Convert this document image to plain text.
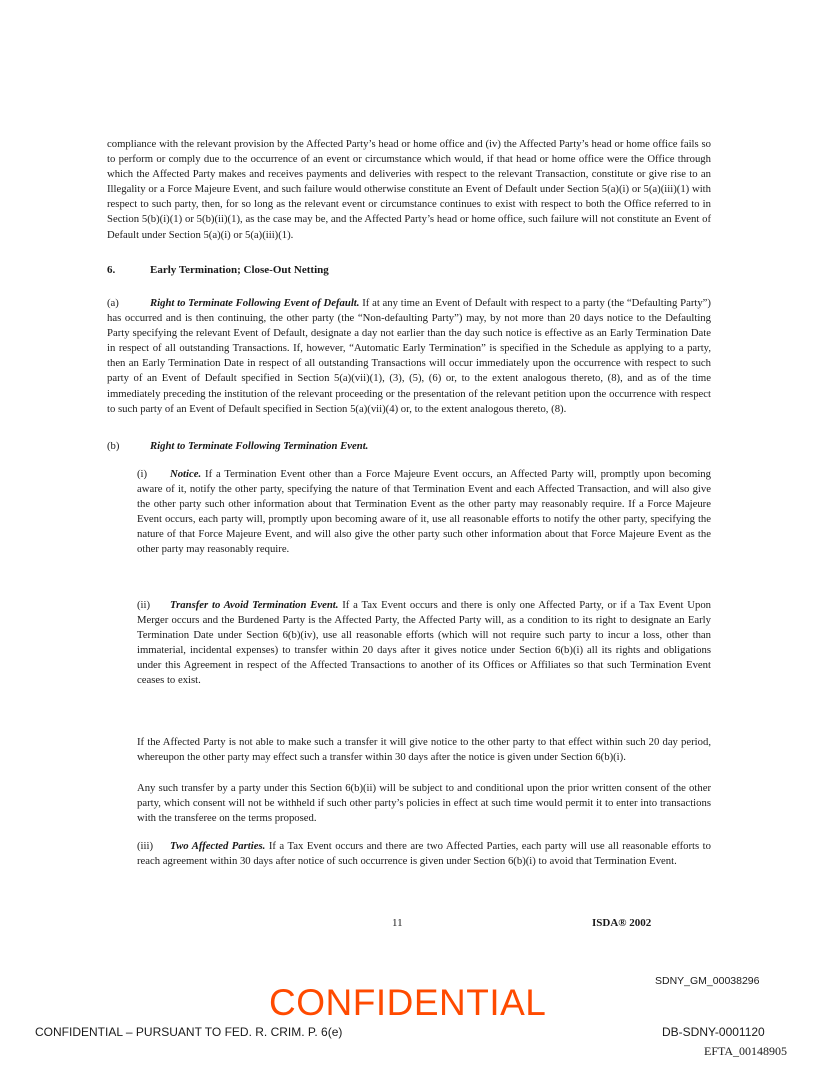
compliance with the relevant provision by the Affected Party’s head or home office and (iv) the Affected Party’s head or home office fails so to perform or comply due to the occurrence of an event or circumstance which would, if that head or home office were the Office through which the Affected Party makes and receives payments and deliveries with respect to the relevant Transaction, constitute or give rise to an Illegality or a Force Majeure Event, and such failure would otherwise constitute an Event of Default under Section 5(a)(i) or 5(a)(iii)(1) with respect to such party, then, for so long as the relevant event or circumstance continues to exist with respect to both the Office referred to in Section 5(b)(i)(1) or 5(b)(ii)(1), as the case may be, and the Affected Party’s head or home office, such failure will not constitute an Event of Default under Section 5(a)(i) or 5(a)(iii)(1).

6.	Early Termination; Close-Out Netting

(a)	Right to Terminate Following Event of Default. If at any time an Event of Default with respect to a party (the “Defaulting Party”) has occurred and is then continuing, the other party (the “Non-defaulting Party”) may, by not more than 20 days notice to the Defaulting Party specifying the relevant Event of Default, designate a day not earlier than the day such notice is effective as an Early Termination Date in respect of all outstanding Transactions. If, however, “Automatic Early Termination” is specified in the Schedule as applying to a party, then an Early Termination Date in respect of all outstanding Transactions will occur immediately upon the occurrence with respect to such party of an Event of Default specified in Section 5(a)(vii)(1), (3), (5), (6) or, to the extent analogous thereto, (8), and as of the time immediately preceding the institution of the relevant proceeding or the presentation of the relevant petition upon the occurrence with respect to such party of an Event of Default specified in Section 5(a)(vii)(4) or, to the extent analogous thereto, (8).

(b)	Right to Terminate Following Termination Event.

(i) Notice. If a Termination Event other than a Force Majeure Event occurs, an Affected Party will, promptly upon becoming aware of it, notify the other party, specifying the nature of that Termination Event and each Affected Transaction, and will also give the other party such other information about that Termination Event as the other party may reasonably require. If a Force Majeure Event occurs, each party will, promptly upon becoming aware of it, use all reasonable efforts to notify the other party, specifying the nature of that Force Majeure Event, and will also give the other party such other information about that Force Majeure Event as the other party may reasonably require.

(ii) Transfer to Avoid Termination Event. If a Tax Event occurs and there is only one Affected Party, or if a Tax Event Upon Merger occurs and the Burdened Party is the Affected Party, the Affected Party will, as a condition to its right to designate an Early Termination Date under Section 6(b)(iv), use all reasonable efforts (which will not require such party to incur a loss, other than immaterial, incidental expenses) to transfer within 20 days after it gives notice under Section 6(b)(i) all its rights and obligations under this Agreement in respect of the Affected Transactions to another of its Offices or Affiliates so that such Termination Event ceases to exist.

If the Affected Party is not able to make such a transfer it will give notice to the other party to that effect within such 20 day period, whereupon the other party may effect such a transfer within 30 days after the notice is given under Section 6(b)(i).

Any such transfer by a party under this Section 6(b)(ii) will be subject to and conditional upon the prior written consent of the other party, which consent will not be withheld if such other party’s policies in effect at such time would permit it to enter into transactions with the transferee on the terms proposed.

(iii) Two Affected Parties. If a Tax Event occurs and there are two Affected Parties, each party will use all reasonable efforts to reach agreement within 30 days after notice of such occurrence is given under Section 6(b)(i) to avoid that Termination Event.

11	ISDA® 2002
SDNY_GM_00038296
CONFIDENTIAL
CONFIDENTIAL – PURSUANT TO FED. R. CRIM. P. 6(e)	DB-SDNY-0001120
EFTA_00148905
